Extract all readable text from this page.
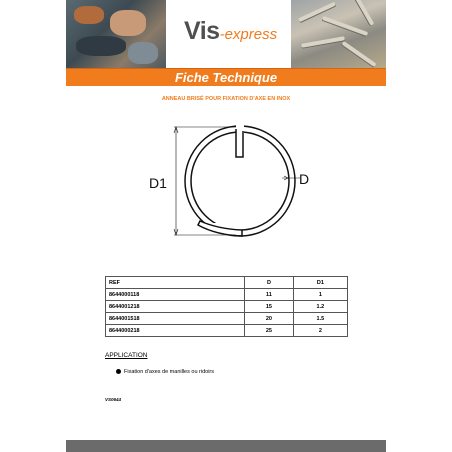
Vis-express
Fiche Technique
ANNEAU BRISÉ POUR FIXATION D'AXE EN INOX
D1	D
REF	D	D1
8644000118	11	1
8644001218	15	1.2
8644001518	20	1.5
8644000218	25	2
APPLICATION
Fixation d'axes de manilles ou ridoirs
VS0644
